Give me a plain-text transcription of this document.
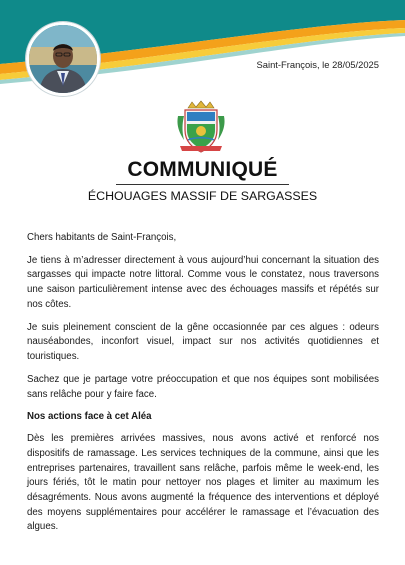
Saint-François, le 28/05/2025
COMMUNIQUÉ
ÉCHOUAGES MASSIF DE SARGASSES

Chers habitants de Saint-François,

Je tiens à m’adresser directement à vous aujourd’hui concernant la situation des sargasses qui impacte notre littoral. Comme vous le constatez, nous traversons une saison particulièrement intense avec des échouages massifs et répétés sur nos côtes.

Je suis pleinement conscient de la gêne occasionnée par ces algues : odeurs nauséabondes, inconfort visuel, impact sur nos activités quotidiennes et touristiques.

Sachez que je partage votre préoccupation et que nos équipes sont mobilisées sans relâche pour y faire face.

Nos actions face à cet Aléa

Dès les premières arrivées massives, nous avons activé et renforcé nos dispositifs de ramassage. Les services techniques de la commune, ainsi que les entreprises partenaires, travaillent sans relâche, parfois même le week-end, les jours fériés, tôt le matin pour nettoyer nos plages et limiter au maximum les désagréments. Nous avons augmenté la fréquence des interventions et déployé des moyens supplémentaires pour accélérer le ramassage et l’évacuation des algues.
